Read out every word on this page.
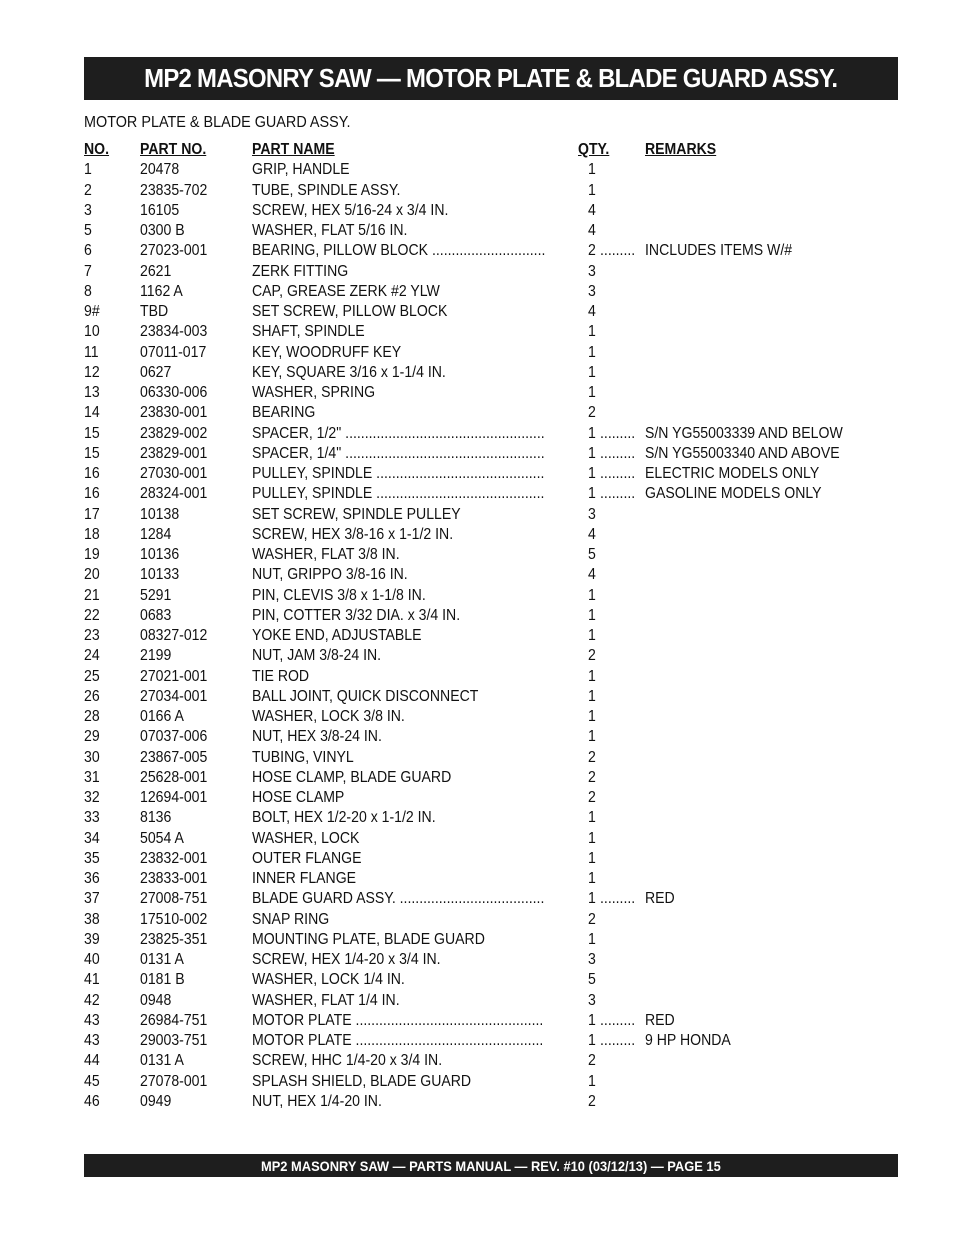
MP2 MASONRY SAW — MOTOR PLATE & BLADE GUARD ASSY.
MOTOR PLATE & BLADE GUARD ASSY.
NO. PART NO.	PART NAME	QTY. REMARKS
1	20478	GRIP, HANDLE	1
2	23835-702	TUBE, SPINDLE ASSY.	1
3	16105	SCREW, HEX 5/16-24 x 3/4 IN.	4
5	0300 B	WASHER, FLAT 5/16 IN.	4
6	27023-001	BEARING, PILLOW BLOCK .............................	2 ......... INCLUDES ITEMS W/#
7	2621	ZERK FITTING	3
8	1162 A	CAP, GREASE ZERK #2 YLW	3
9#	TBD	SET SCREW, PILLOW BLOCK	4
10	23834-003	SHAFT, SPINDLE	1
11	07011-017	KEY, WOODRUFF KEY	1
12	0627	KEY, SQUARE 3/16 x 1-1/4 IN.	1
13	06330-006	WASHER, SPRING	1
14	23830-001	BEARING	2
15	23829-002	SPACER, 1/2" ...................................................	1 ......... S/N YG55003339 AND BELOW
15	23829-001	SPACER, 1/4" ...................................................	1 ......... S/N YG55003340 AND ABOVE
16	27030-001	PULLEY, SPINDLE ...........................................	1 ......... ELECTRIC MODELS ONLY
16	28324-001	PULLEY, SPINDLE ...........................................	1 ......... GASOLINE MODELS ONLY
17	10138	SET SCREW, SPINDLE PULLEY	3
18	1284	SCREW, HEX 3/8-16 x 1-1/2 IN.	4
19	10136	WASHER, FLAT 3/8 IN.	5
20	10133	NUT, GRIPPO 3/8-16 IN.	4
21	5291	PIN, CLEVIS 3/8 x 1-1/8 IN.	1
22	0683	PIN, COTTER 3/32 DIA. x 3/4 IN.	1
23	08327-012	YOKE END, ADJUSTABLE	1
24	2199	NUT, JAM 3/8-24 IN.	2
25	27021-001	TIE ROD	1
26	27034-001	BALL JOINT, QUICK DISCONNECT	1
28	0166 A	WASHER, LOCK 3/8 IN.	1
29	07037-006	NUT, HEX 3/8-24 IN.	1
30	23867-005	TUBING, VINYL	2
31	25628-001	HOSE CLAMP, BLADE GUARD	2
32	12694-001	HOSE CLAMP	2
33	8136	BOLT, HEX 1/2-20 x 1-1/2 IN.	1
34	5054 A	WASHER, LOCK	1
35	23832-001	OUTER FLANGE	1
36	23833-001	INNER FLANGE	1
37	27008-751	BLADE GUARD ASSY. .....................................	1 ......... RED
38	17510-002	SNAP RING	2
39	23825-351	MOUNTING PLATE, BLADE GUARD	1
40	0131 A	SCREW, HEX 1/4-20 x 3/4 IN.	3
41	0181 B	WASHER, LOCK 1/4 IN.	5
42	0948	WASHER, FLAT 1/4 IN.	3
43	26984-751	MOTOR PLATE ................................................	1 ......... RED
43	29003-751	MOTOR PLATE ................................................	1 ......... 9 HP HONDA
44	0131 A	SCREW, HHC 1/4-20 x 3/4 IN.	2
45	27078-001	SPLASH SHIELD, BLADE GUARD	1
46	0949	NUT, HEX 1/4-20 IN.	2
MP2 MASONRY SAW — PARTS MANUAL — REV. #10 (03/12/13) — PAGE 15
